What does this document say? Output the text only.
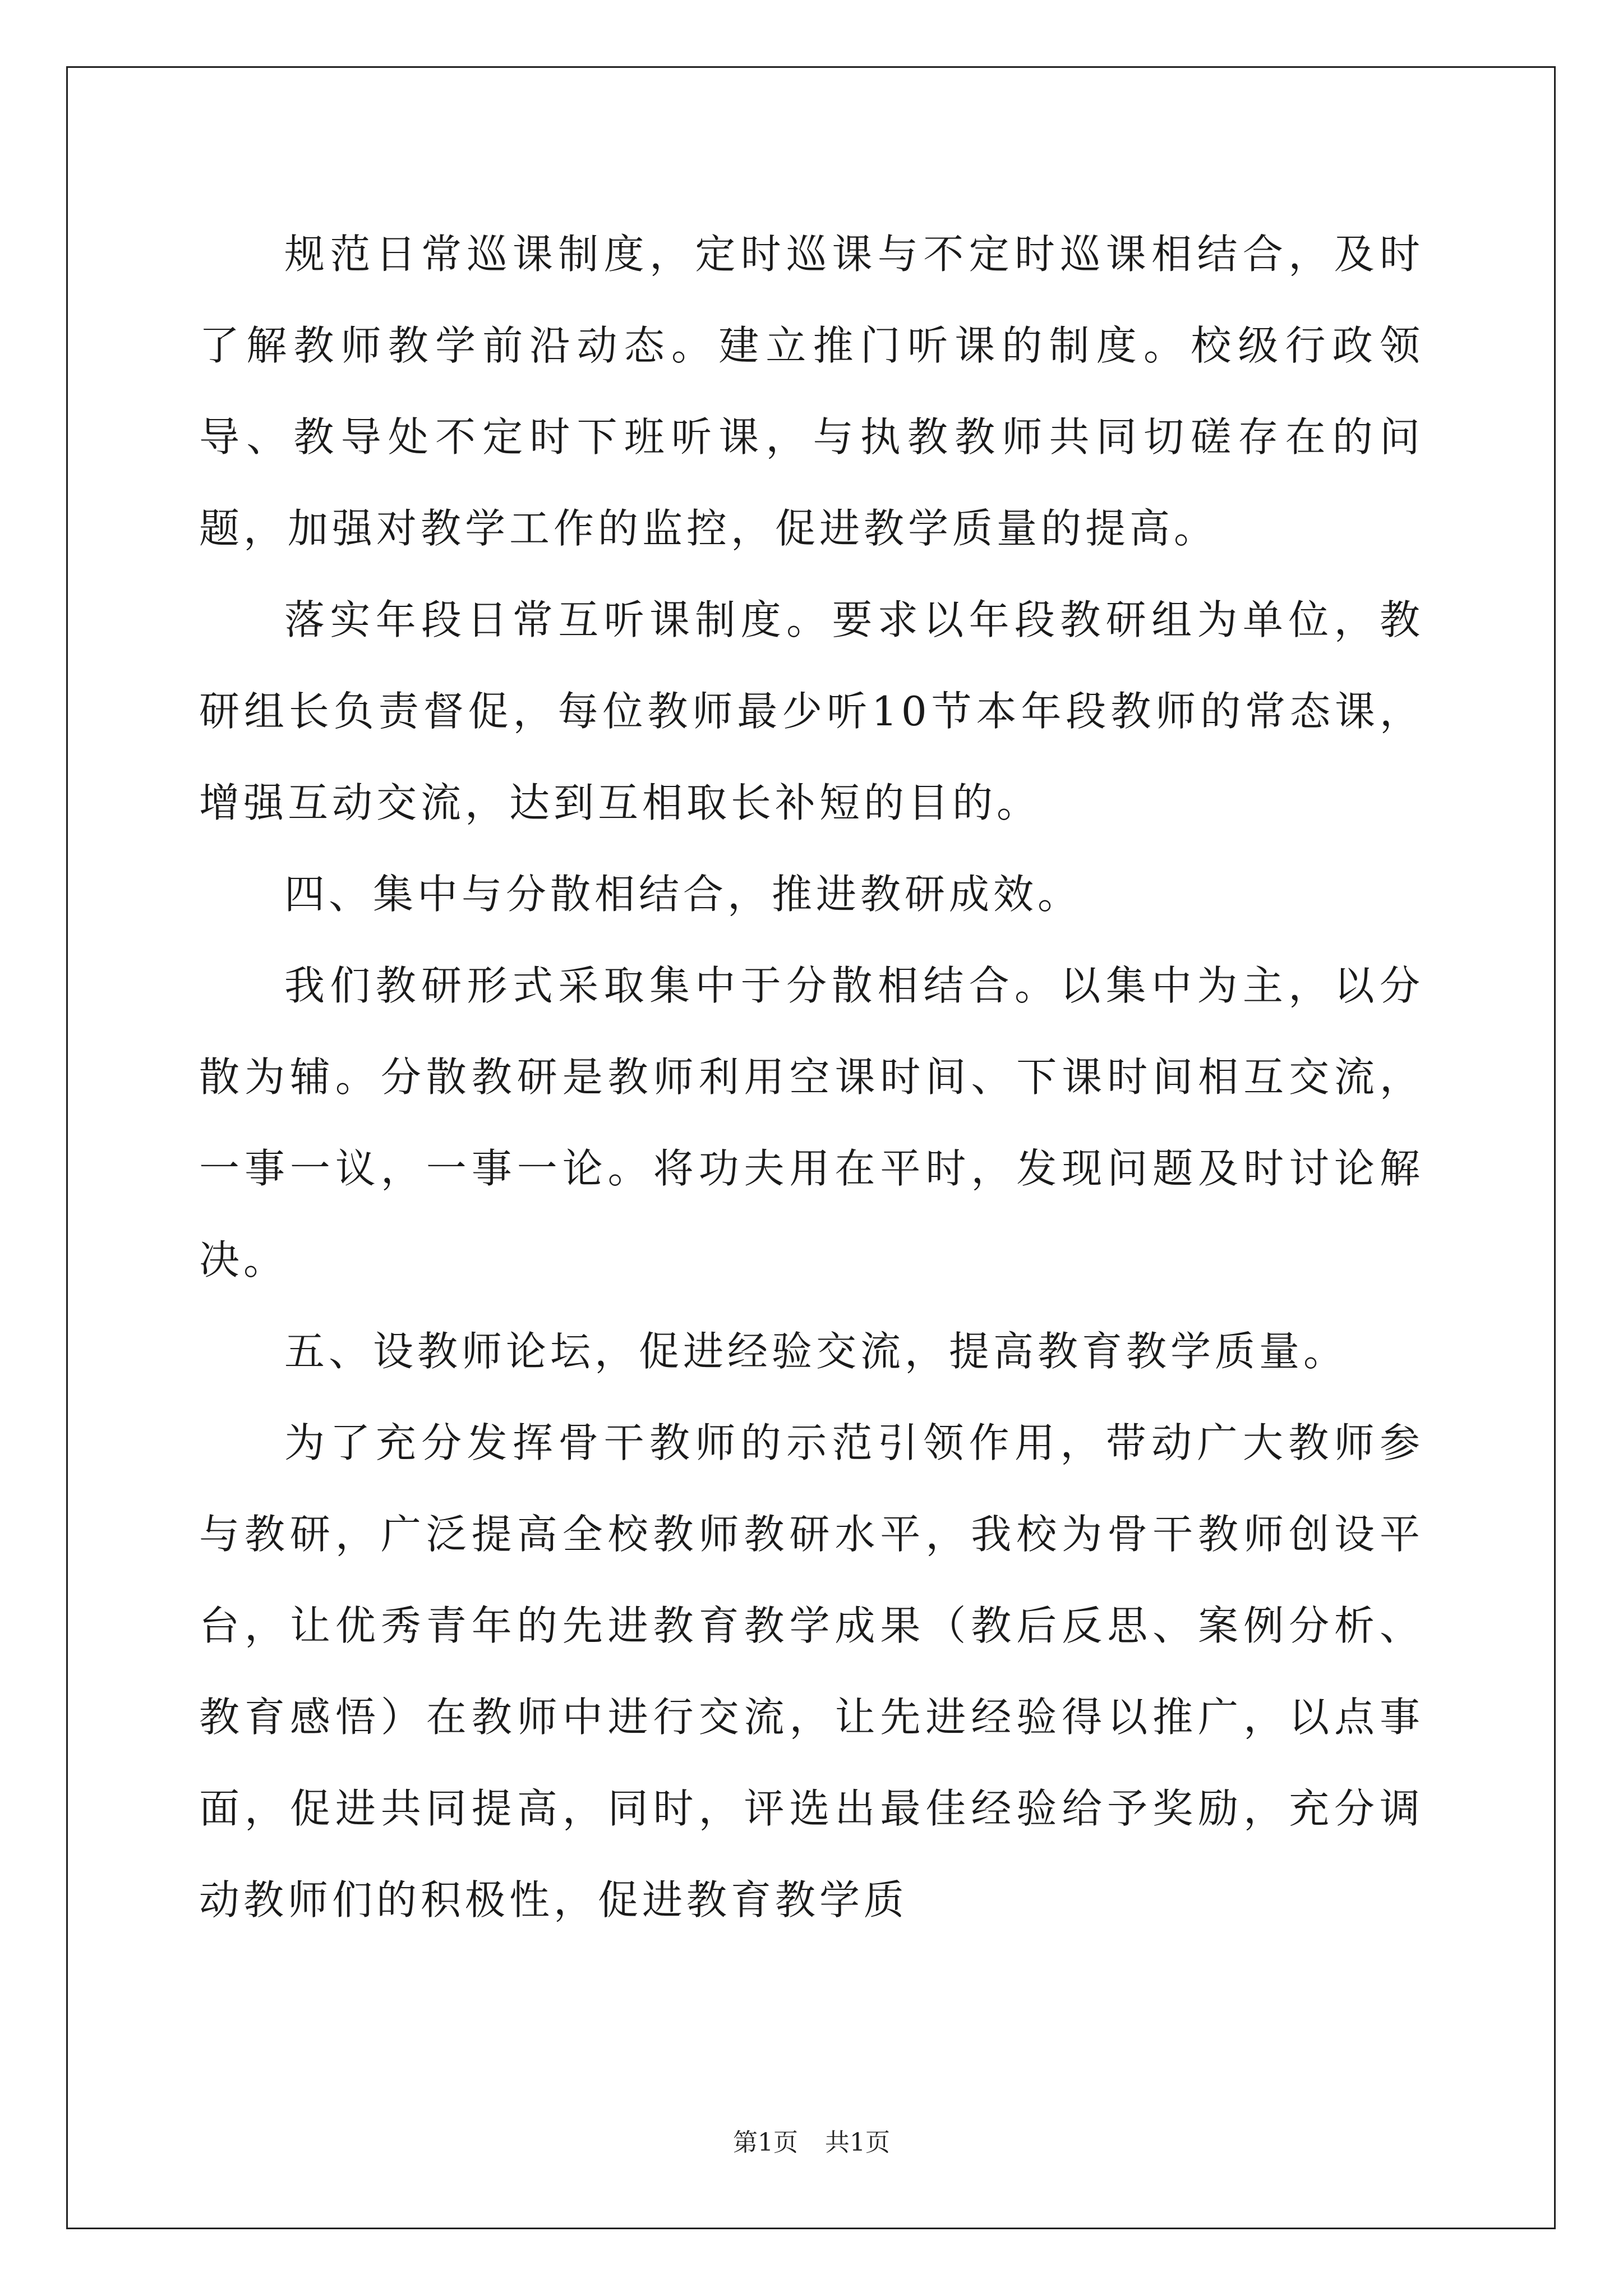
规范日常巡课制度，定时巡课与不定时巡课相结合，及时了解教师教学前沿动态。建立推门听课的制度。校级行政领导、教导处不定时下班听课，与执教教师共同切磋存在的问题，加强对教学工作的监控，促进教学质量的提高。

落实年段日常互听课制度。要求以年段教研组为单位，教研组长负责督促，每位教师最少听10节本年段教师的常态课，增强互动交流，达到互相取长补短的目的。

四、集中与分散相结合，推进教研成效。

我们教研形式采取集中于分散相结合。以集中为主，以分散为辅。分散教研是教师利用空课时间、下课时间相互交流，一事一议，一事一论。将功夫用在平时，发现问题及时讨论解决。

五、设教师论坛，促进经验交流，提高教育教学质量。

为了充分发挥骨干教师的示范引领作用，带动广大教师参与教研，广泛提高全校教师教研水平，我校为骨干教师创设平台，让优秀青年的先进教育教学成果（教后反思、案例分析、教育感悟）在教师中进行交流，让先进经验得以推广，以点事面，促进共同提高，同时，评选出最佳经验给予奖励，充分调动教师们的积极性，促进教育教学质

第1页 共1页
